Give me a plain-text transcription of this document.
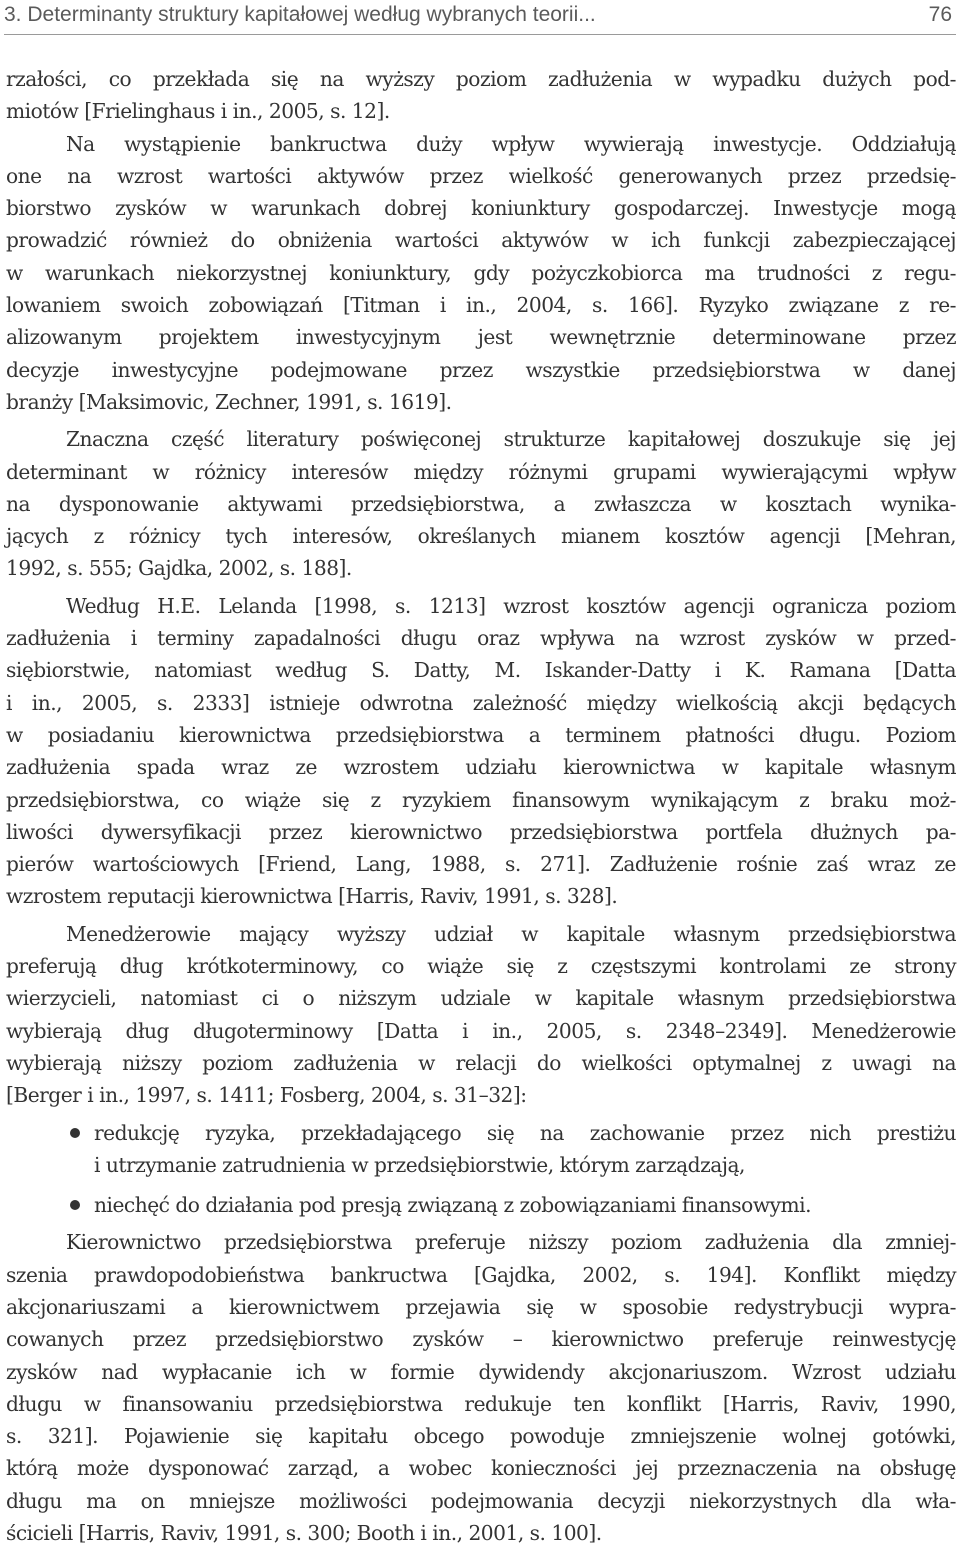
3. Determinanty struktury kapitałowej według wybranych teorii...	76
rzałości, co przekłada się na wyższy poziom zadłużenia w wypadku dużych pod-
miotów [Frielinghaus i in., 2005, s. 12].
Na wystąpienie bankructwa duży wpływ wywierają inwestycje. Oddziałują
one na wzrost wartości aktywów przez wielkość generowanych przez przedsię-
biorstwo zysków w warunkach dobrej koniunktury gospodarczej. Inwestycje mogą
prowadzić również do obniżenia wartości aktywów w ich funkcji zabezpieczającej
w warunkach niekorzystnej koniunktury, gdy pożyczkobiorca ma trudności z regu-
lowaniem swoich zobowiązań [Titman i in., 2004, s. 166]. Ryzyko związane z re-
alizowanym projektem inwestycyjnym jest wewnętrznie determinowane przez
decyzje inwestycyjne podejmowane przez wszystkie przedsiębiorstwa w danej
branży [Maksimovic, Zechner, 1991, s. 1619].
Znaczna część literatury poświęconej strukturze kapitałowej doszukuje się jej
determinant w różnicy interesów między różnymi grupami wywierającymi wpływ
na dysponowanie aktywami przedsiębiorstwa, a zwłaszcza w kosztach wynika-
jących z różnicy tych interesów, określanych mianem kosztów agencji [Mehran,
1992, s. 555; Gajdka, 2002, s. 188].
Według H.E. Lelanda [1998, s. 1213] wzrost kosztów agencji ogranicza poziom
zadłużenia i terminy zapadalności długu oraz wpływa na wzrost zysków w przed-
siębiorstwie, natomiast według S. Datty, M. Iskander-Datty i K. Ramana [Datta
i in., 2005, s. 2333] istnieje odwrotna zależność między wielkością akcji będących
w posiadaniu kierownictwa przedsiębiorstwa a terminem płatności długu. Poziom
zadłużenia spada wraz ze wzrostem udziału kierownictwa w kapitale własnym
przedsiębiorstwa, co wiąże się z ryzykiem finansowym wynikającym z braku moż-
liwości dywersyfikacji przez kierownictwo przedsiębiorstwa portfela dłużnych pa-
pierów wartościowych [Friend, Lang, 1988, s. 271]. Zadłużenie rośnie zaś wraz ze
wzrostem reputacji kierownictwa [Harris, Raviv, 1991, s. 328].
Menedżerowie mający wyższy udział w kapitale własnym przedsiębiorstwa
preferują dług krótkoterminowy, co wiąże się z częstszymi kontrolami ze strony
wierzycieli, natomiast ci o niższym udziale w kapitale własnym przedsiębiorstwa
wybierają dług długoterminowy [Datta i in., 2005, s. 2348–2349]. Menedżerowie
wybierają niższy poziom zadłużenia w relacji do wielkości optymalnej z uwagi na
[Berger i in., 1997, s. 1411; Fosberg, 2004, s. 31–32]:
redukcję ryzyka, przekładającego się na zachowanie przez nich prestiżu
i utrzymanie zatrudnienia w przedsiębiorstwie, którym zarządzają,
niechęć do działania pod presją związaną z zobowiązaniami finansowymi.
Kierownictwo przedsiębiorstwa preferuje niższy poziom zadłużenia dla zmniej-
szenia prawdopodobieństwa bankructwa [Gajdka, 2002, s. 194]. Konflikt między
akcjonariuszami a kierownictwem przejawia się w sposobie redystrybucji wypra-
cowanych przez przedsiębiorstwo zysków – kierownictwo preferuje reinwestycję
zysków nad wypłacanie ich w formie dywidendy akcjonariuszom. Wzrost udziału
długu w finansowaniu przedsiębiorstwa redukuje ten konflikt [Harris, Raviv, 1990,
s. 321]. Pojawienie się kapitału obcego powoduje zmniejszenie wolnej gotówki,
którą może dysponować zarząd, a wobec konieczności jej przeznaczenia na obsługę
długu ma on mniejsze możliwości podejmowania decyzji niekorzystnych dla wła-
ścicieli [Harris, Raviv, 1991, s. 300; Booth i in., 2001, s. 100].
